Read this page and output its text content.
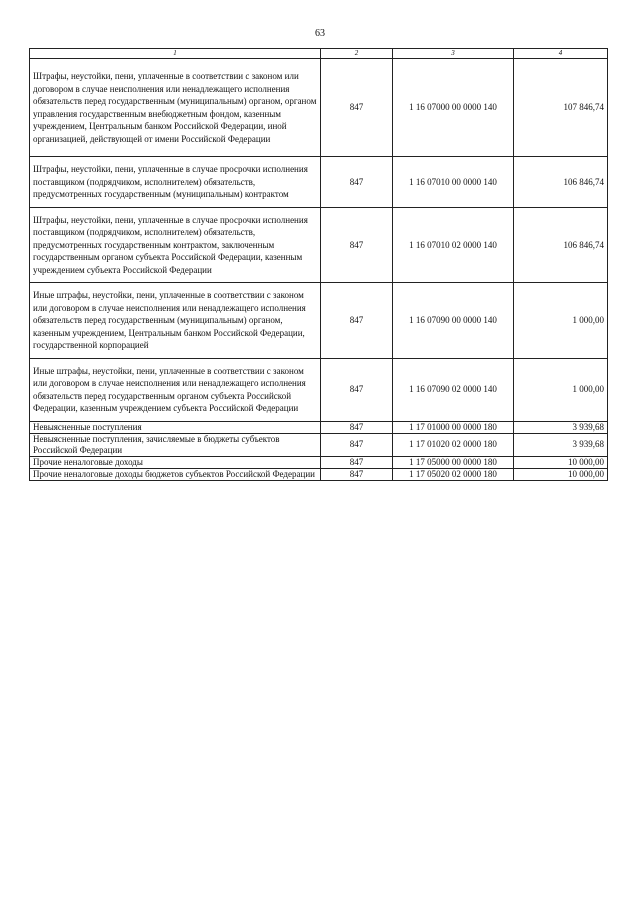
63
1	2	3	4
Штрафы, неустойки, пени, уплаченные в соответствии с законом или договором в случае неисполнения или ненадлежащего исполнения обязательств перед государственным (муниципальным) органом, органом управления государственным внебюджетным фондом, казенным учреждением, Центральным банком Российской Федерации, иной организацией, действующей от имени Российской Федерации	847	1 16 07000 00 0000 140	107 846,74
Штрафы, неустойки, пени, уплаченные в случае просрочки исполнения поставщиком (подрядчиком, исполнителем) обязательств, предусмотренных государственным (муниципальным) контрактом	847	1 16 07010 00 0000 140	106 846,74
Штрафы, неустойки, пени, уплаченные в случае просрочки исполнения поставщиком (подрядчиком, исполнителем) обязательств, предусмотренных государственным контрактом, заключенным государственным органом субъекта Российской Федерации, казенным учреждением субъекта Российской Федерации	847	1 16 07010 02 0000 140	106 846,74
Иные штрафы, неустойки, пени, уплаченные в соответствии с законом или договором в случае неисполнения или ненадлежащего исполнения обязательств перед государственным (муниципальным) органом, казенным учреждением, Центральным банком Российской Федерации, государственной корпорацией	847	1 16 07090 00 0000 140	1 000,00
Иные штрафы, неустойки, пени, уплаченные в соответствии с законом или договором в случае неисполнения или ненадлежащего исполнения обязательств перед государственным органом субъекта Российской Федерации, казенным учреждением субъекта Российской Федерации	847	1 16 07090 02 0000 140	1 000,00
Невыясненные поступления	847	1 17 01000 00 0000 180	3 939,68
Невыясненные поступления, зачисляемые в бюджеты субъектов Российской Федерации	847	1 17 01020 02 0000 180	3 939,68
Прочие неналоговые доходы	847	1 17 05000 00 0000 180	10 000,00
Прочие неналоговые доходы бюджетов субъектов Российской Федерации	847	1 17 05020 02 0000 180	10 000,00
